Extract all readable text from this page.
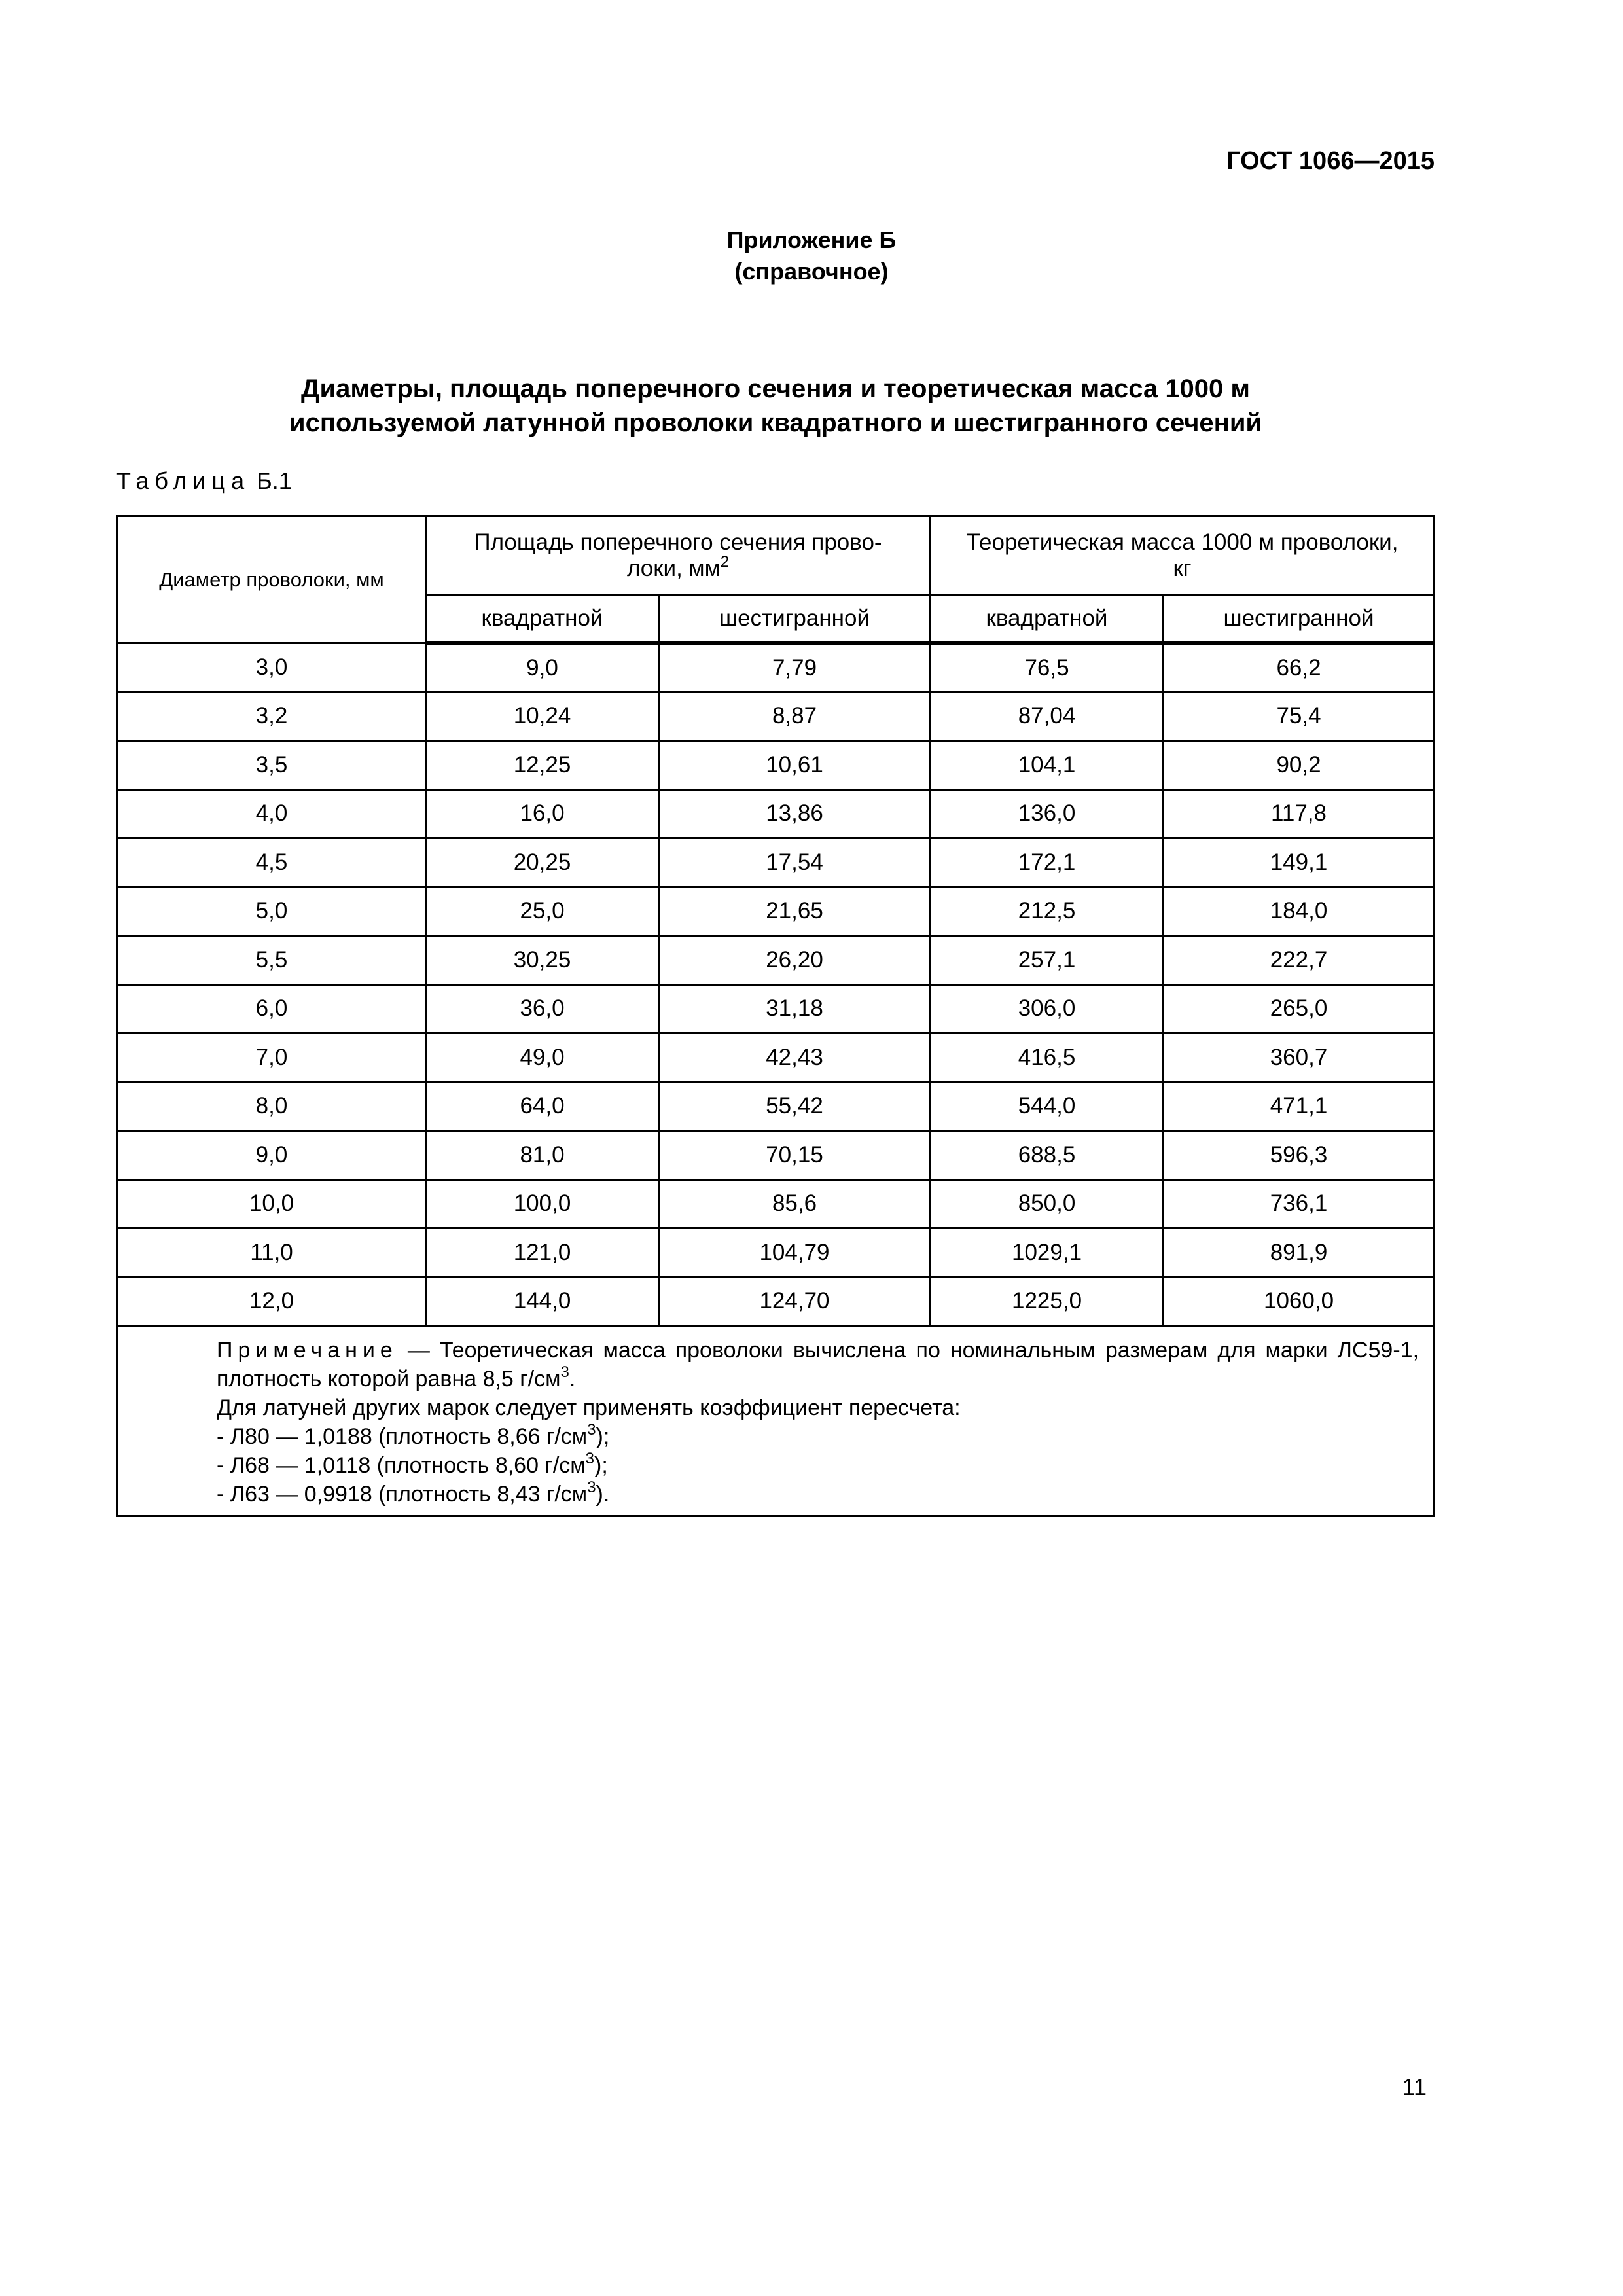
ГОСТ 1066—2015
Приложение Б
(справочное)
Диаметры, площадь поперечного сечения и теоретическая масса 1000 м
используемой латунной проволоки квадратного и шестигранного сечений
Таблица Б.1
Диаметр проволоки, мм	Площадь поперечного сечения прово-
локи, $мм^2$		Теоретическая масса 1000 м проволоки,
кг	
	квадратной	шестигранной	квадратной	шестигранной
3,0	9,0	7,79	76,5	66,2
3,2	10,24	8,87	87,04	75,4
3,5	12,25	10,61	104,1	90,2
4,0	16,0	13,86	136,0	117,8
4,5	20,25	17,54	172,1	149,1
5,0	25,0	21,65	212,5	184,0
5,5	30,25	26,20	257,1	222,7
6,0	36,0	31,18	306,0	265,0
7,0	49,0	42,43	416,5	360,7
8,0	64,0	55,42	544,0	471,1
9,0	81,0	70,15	688,5	596,3
10,0	100,0	85,6	850,0	736,1
11,0	121,0	104,79	1029,1	891,9
12,0	144,0	124,70	1225,0	1060,0

Примечание — Теоретическая масса проволоки вычислена по номинальным размерам для марки ЛС59-1, плотность которой равна 8,5 $г/см^3$.
Для латуней других марок следует применять коэффициент пересчета:
- Л80 — 1,0188 (плотность 8,66 $г/см^3$);
- Л68 — 1,0118 (плотность 8,60 $г/см^3$);
- Л63 — 0,9918 (плотность 8,43 $г/см^3$).				
11
